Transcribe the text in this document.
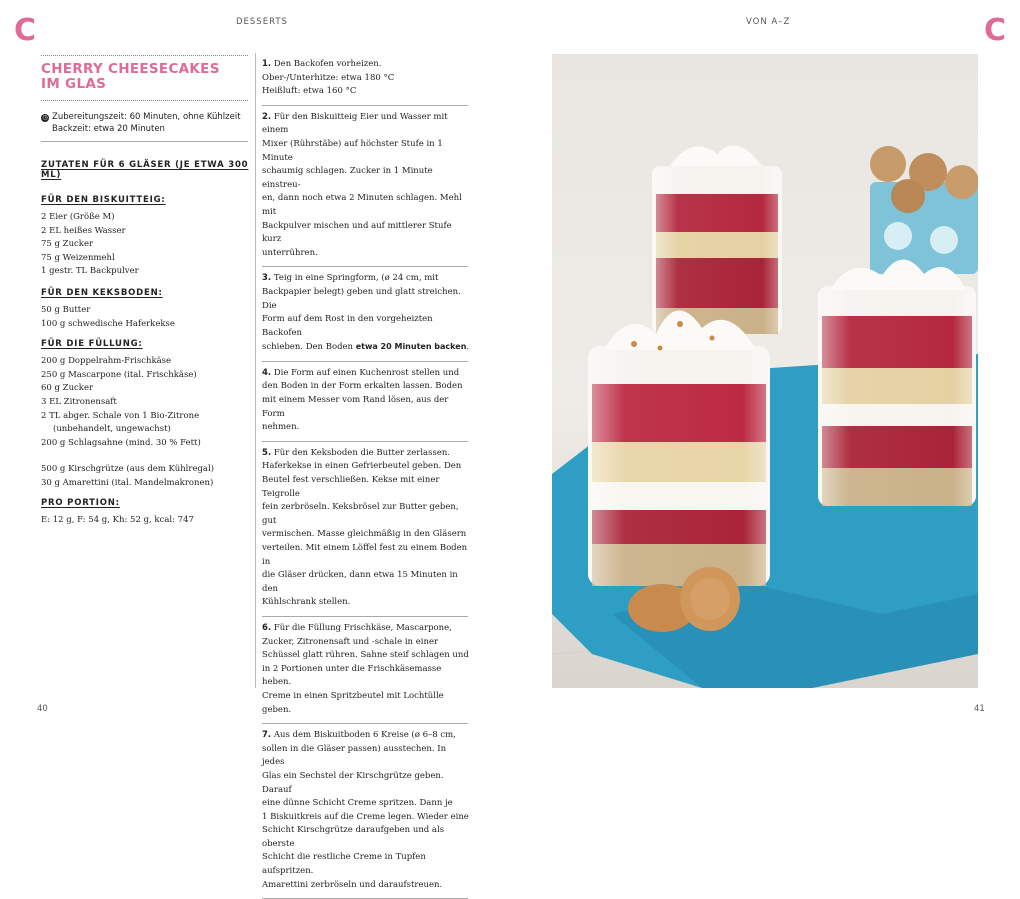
C	DESSERTS	VON A–Z	C
CHERRY CHEESECAKES
IM GLAS
◷ Zubereitungszeit: 60 Minuten, ohne Kühlzeit
Backzeit: etwa 20 Minuten
ZUTATEN FÜR 6 GLÄSER (JE ETWA 300 ML)
FÜR DEN BISKUITTEIG:
2 Eier (Größe M)
2 EL heißes Wasser
75 g Zucker
75 g Weizenmehl
1 gestr. TL Backpulver
FÜR DEN KEKSBODEN:
50 g Butter
100 g schwedische Haferkekse
FÜR DIE FÜLLUNG:
200 g Doppelrahm-Frischkäse
250 g Mascarpone (ital. Frischkäse)
60 g Zucker
3 EL Zitronensaft
2 TL abger. Schale von 1 Bio-Zitrone
(unbehandelt, ungewachst)
200 g Schlagsahne (mind. 30 % Fett)
500 g Kirschgrütze (aus dem Kühlregal)
30 g Amarettini (ital. Mandelmakronen)
PRO PORTION:
E: 12 g, F: 54 g, Kh: 52 g, kcal: 747
1. Den Backofen vorheizen.
Ober-/Unterhitze: etwa 180 °C
Heißluft: etwa 160 °C
2. Für den Biskuitteig Eier und Wasser mit einem
Mixer (Rührstäbe) auf höchster Stufe in 1 Minute
schaumig schlagen. Zucker in 1 Minute einstreu-
en, dann noch etwa 2 Minuten schlagen. Mehl mit
Backpulver mischen und auf mittlerer Stufe kurz
unterrühren.
3. Teig in eine Springform, (ø 24 cm, mit
Backpapier belegt) geben und glatt streichen. Die
Form auf dem Rost in den vorgeheizten Backofen
schieben. Den Boden etwa 20 Minuten backen.
4. Die Form auf einen Kuchenrost stellen und
den Boden in der Form erkalten lassen. Boden
mit einem Messer vom Rand lösen, aus der Form
nehmen.
5. Für den Keksboden die Butter zerlassen.
Haferkekse in einen Gefrierbeutel geben. Den
Beutel fest verschließen. Kekse mit einer Teigrolle
fein zerbröseln. Keksbrösel zur Butter geben, gut
vermischen. Masse gleichmäßig in den Gläsern
verteilen. Mit einem Löffel fest zu einem Boden in
die Gläser drücken, dann etwa 15 Minuten in den
Kühlschrank stellen.
6. Für die Füllung Frischkäse, Mascarpone,
Zucker, Zitronensaft und -schale in einer
Schüssel glatt rühren. Sahne steif schlagen und
in 2 Portionen unter die Frischkäsemasse heben.
Creme in einen Spritzbeutel mit Lochtülle geben.
7. Aus dem Biskuitboden 6 Kreise (ø 6–8 cm,
sollen in die Gläser passen) ausstechen. In jedes
Glas ein Sechstel der Kirschgrütze geben. Darauf
eine dünne Schicht Creme spritzen. Dann je
1 Biskuitkreis auf die Creme legen. Wieder eine
Schicht Kirschgrütze daraufgeben und als oberste
Schicht die restliche Creme in Tupfen aufspritzen.
Amarettini zerbröseln und daraufstreuen.
40	41
